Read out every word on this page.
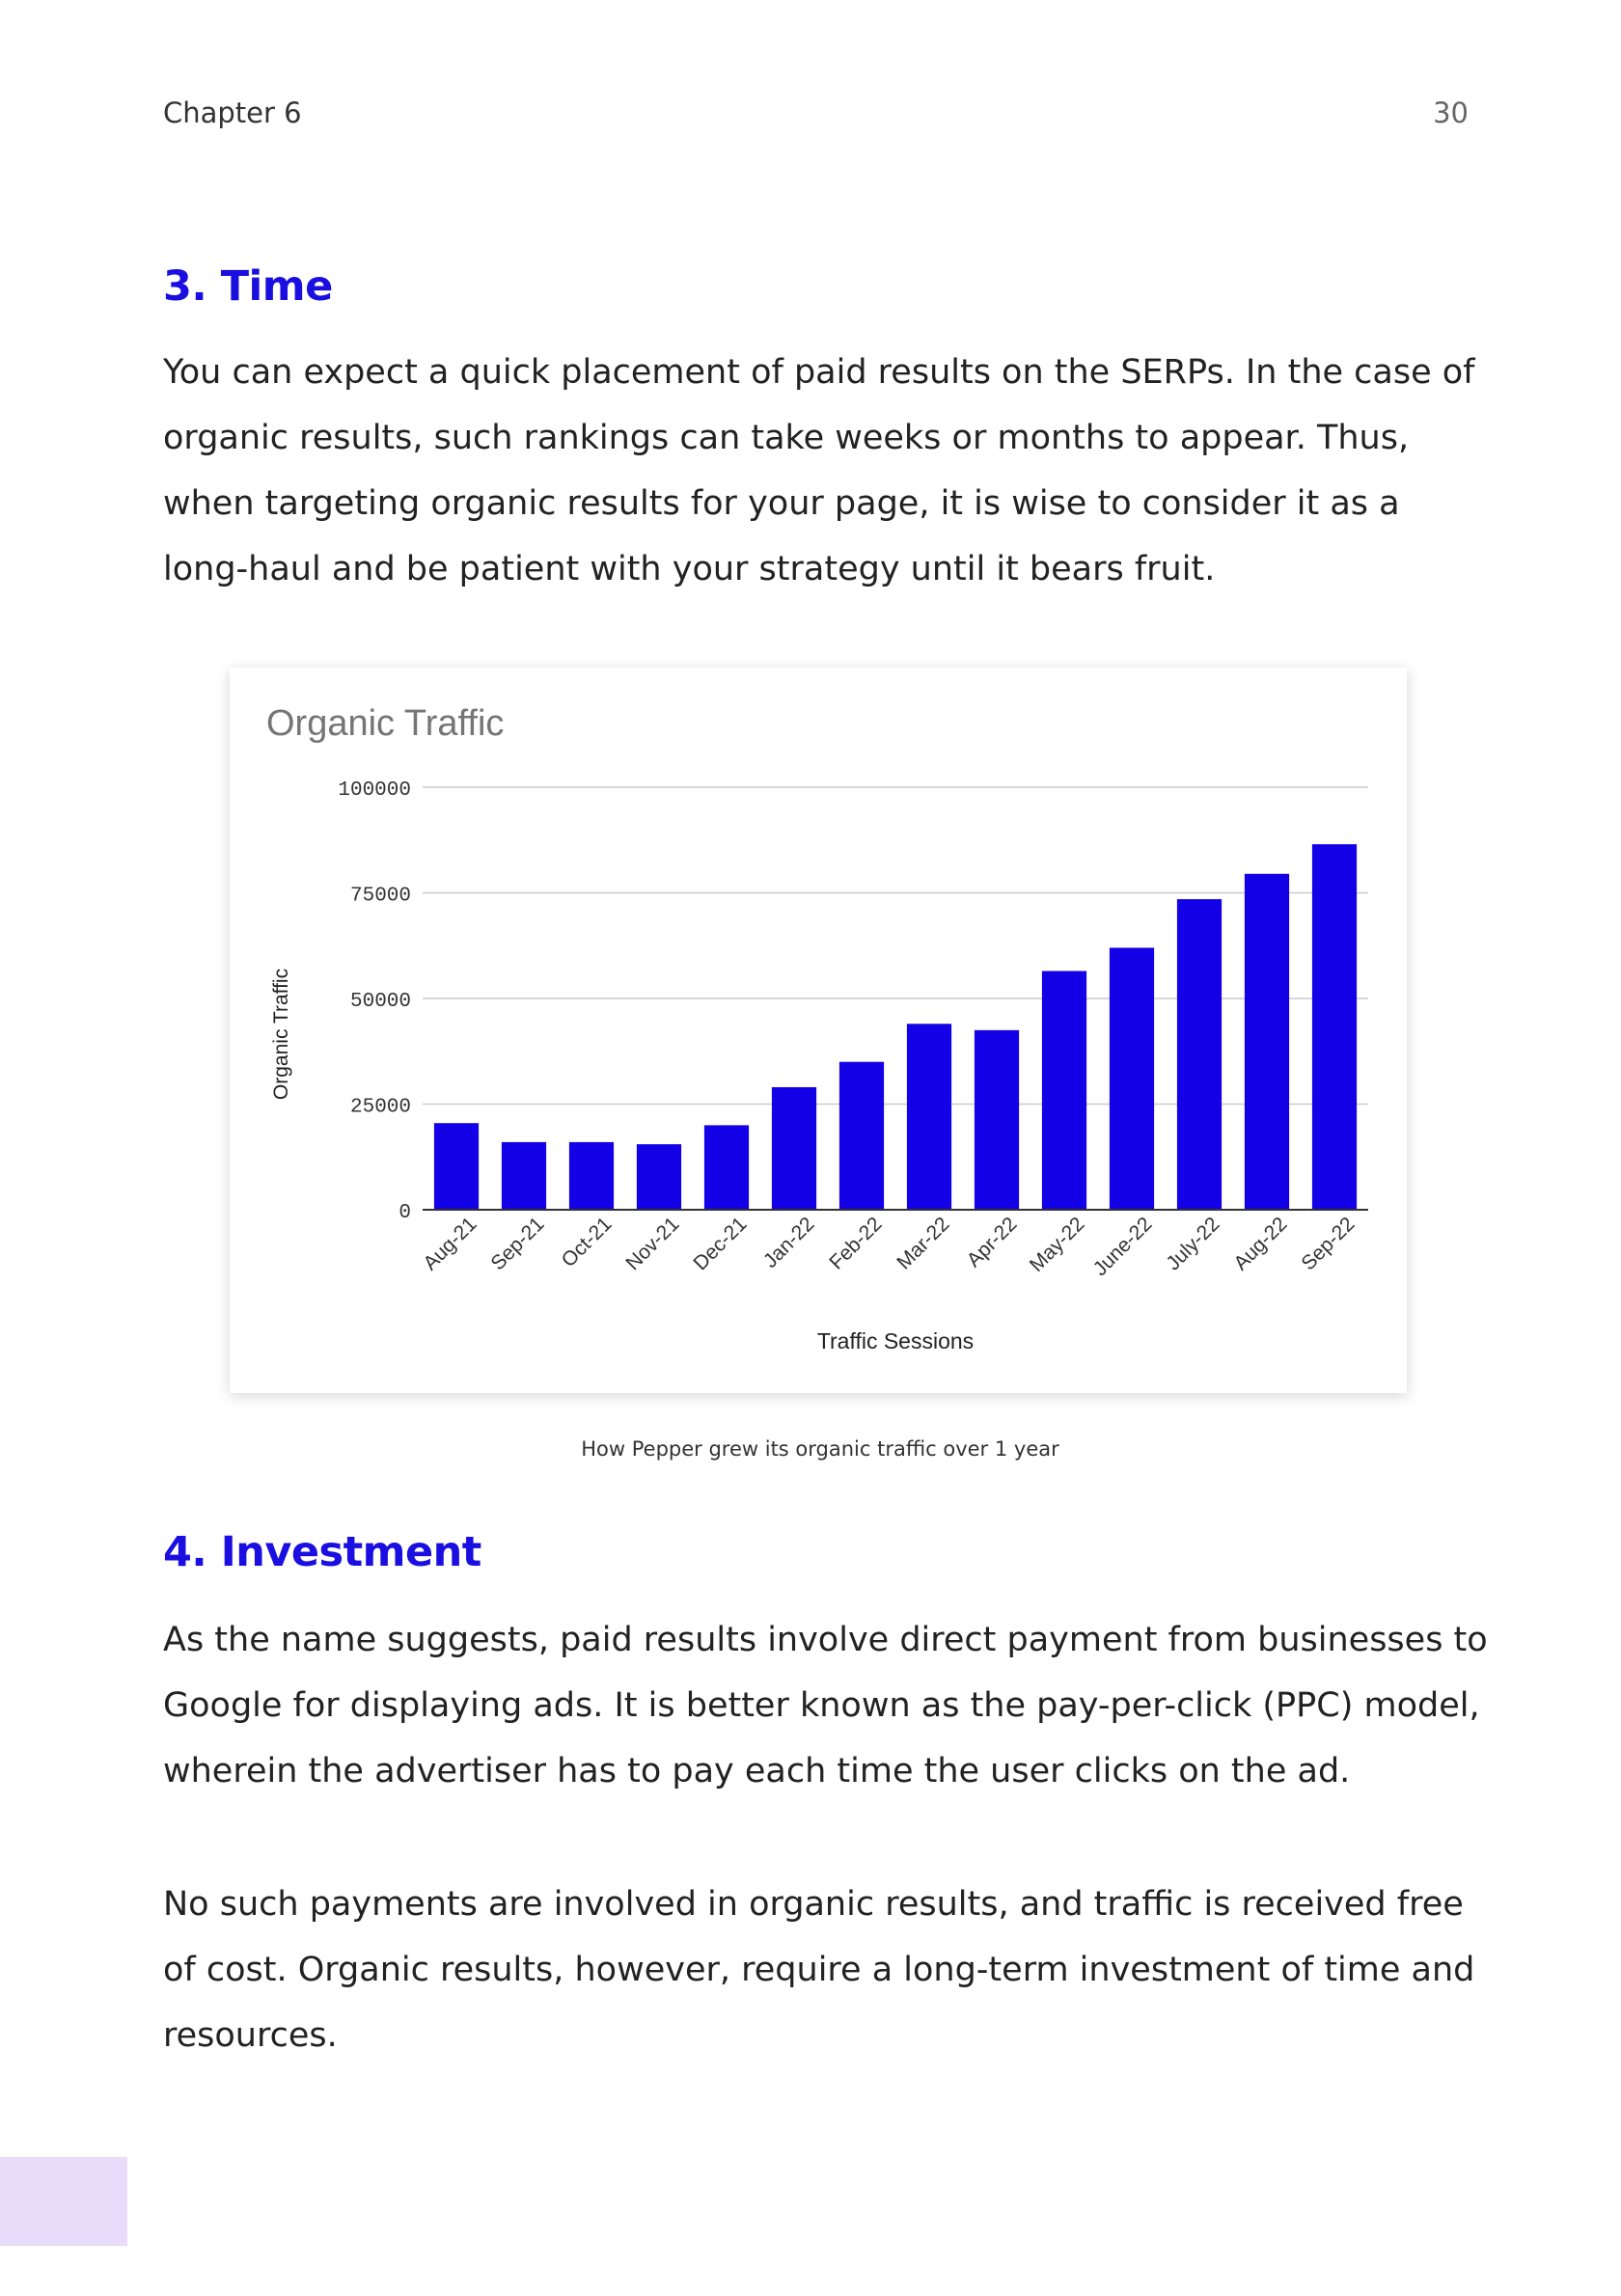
Chapter 6	30
3. Time

You can expect a quick placement of paid results on the SERPs. In the case of organic results, such rankings can take weeks or months to appear. Thus, when targeting organic results for your page, it is wise to consider it as a long-haul and be patient with your strategy until it bears fruit.

Organic Traffic
0
25000
50000
75000
100000
Aug-21 Sep-21 Oct-21 Nov-21 Dec-21 Jan-22 Feb-22 Mar-22 Apr-22 May-22 June-22 July-22 Aug-22 Sep-22
Traffic Sessions
Organic Traffic
How Pepper grew its organic traffic over 1 year
4. Investment

As the name suggests, paid results involve direct payment from businesses to Google for displaying ads. It is better known as the pay-per-click (PPC) model, wherein the advertiser has to pay each time the user clicks on the ad.

No such payments are involved in organic results, and traffic is received free of cost. Organic results, however, require a long-term investment of time and resources.
